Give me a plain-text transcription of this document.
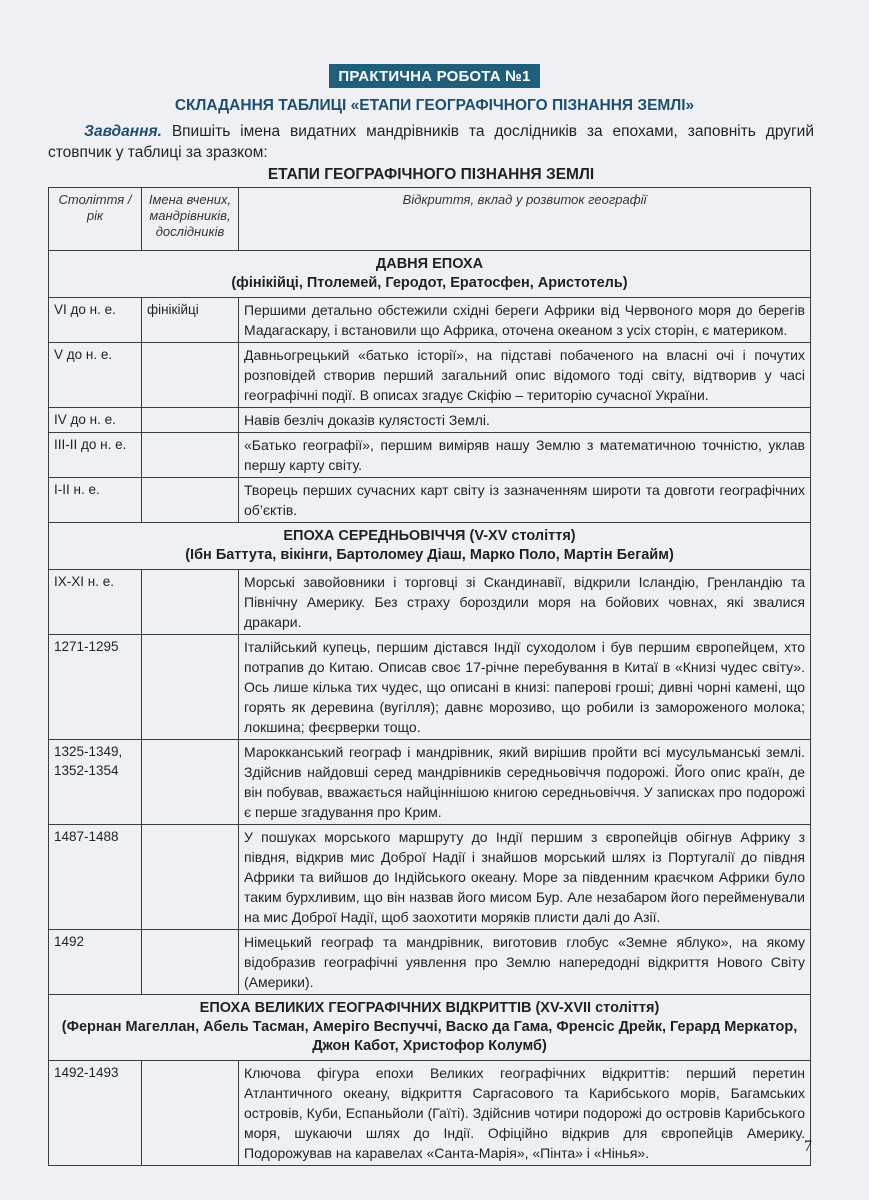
ПРАКТИЧНА РОБОТА №1
СКЛАДАННЯ ТАБЛИЦІ «ЕТАПИ ГЕОГРАФІЧНОГО ПІЗНАННЯ ЗЕМЛІ»
Завдання. Впишіть імена видатних мандрівників та дослідників за епохами, заповніть другий стовпчик у таблиці за зразком:
ЕТАПИ ГЕОГРАФІЧНОГО ПІЗНАННЯ ЗЕМЛІ
Століття / рік	Імена вчених, мандрівників, дослідників	Відкриття, вклад у розвиток географії

ДАВНЯ ЕПОХА
(фінікійці, Птолемей, Геродот, Ератосфен, Аристотель)		

VI до н. е.	фінікійці	Першими детально обстежили східні береги Африки від Червоного моря до берегів Мадагаскару, і встановили що Африка, оточена океаном з усіх сторін, є материком.
V до н. е.		Давньогрецький «батько історії», на підставі побаченого на власні очі і почутих розповідей створив перший загальний опис відомого тоді світу, відтворив у часі географічні події. В описах згадує Скіфію – територію сучасної України.
IV до н. е.		Навів безліч доказів кулястості Землі.
III-II до н. е.		«Батько географії», першим виміряв нашу Землю з математичною точністю, уклав першу карту світу.
I-II н. е.		Творець перших сучасних карт світу із зазначенням широти та довготи географічних об’єктів.

ЕПОХА СЕРЕДНЬОВІЧЧЯ (V-XV століття)
(Ібн Баттута, вікінги, Бартоломеу Діаш, Марко Поло, Мартін Бегайм)		

IX-XI н. е.		Морські завойовники і торговці зі Скандинавії, відкрили Ісландію, Гренландію та Північну Америку. Без страху бороздили моря на бойових човнах, які звалися дракари.
1271-1295		Італійський купець, першим дістався Індії суходолом і був першим європейцем, хто потрапив до Китаю. Описав своє 17-річне перебування в Китаї в «Книзі чудес світу». Ось лише кілька тих чудес, що описані в книзі: паперові гроші; дивні чорні камені, що горять як деревина (вугілля); давнє морозиво, що робили із замороженого молока; локшина; феєрверки тощо.
1325-1349, 1352-1354		Марокканський географ і мандрівник, який вирішив пройти всі мусульманські землі. Здійснив найдовші серед мандрівників середньовіччя подорожі. Його опис країн, де він побував, вважається найціннішою книгою середньовіччя. У записках про подорожі є перше згадування про Крим.
1487-1488		У пошуках морського маршруту до Індії першим з європейців обігнув Африку з півдня, відкрив мис Доброї Надії і знайшов морський шлях із Португалії до півдня Африки та вийшов до Індійського океану. Море за південним краєчком Африки було таким бурхливим, що він назвав його мисом Бур. Але незабаром його перейменували на мис Доброї Надії, щоб заохотити моряків плисти далі до Азії.
1492		Німецький географ та мандрівник, виготовив глобус «Земне яблуко», на якому відобразив географічні уявлення про Землю напередодні відкриття Нового Світу (Америки).

ЕПОХА ВЕЛИКИХ ГЕОГРАФІЧНИХ ВІДКРИТТІВ (XV-XVII століття)
(Фернан Магеллан, Абель Тасман, Амеріго Веспуччі, Васко да Гама, Френсіс Дрейк, Герард Меркатор, Джон Кабот, Христофор Колумб)		

1492-1493		Ключова фігура епохи Великих географічних відкриттів: перший перетин Атлантичного океану, відкриття Саргасового та Карибського морів, Багамських островів, Куби, Еспаньйоли (Гаїті). Здійснив чотири подорожі до островів Карибського моря, шукаючи шлях до Індії. Офіційно відкрив для європейців Америку. Подорожував на каравелах «Санта-Марія», «Пінта» і «Нінья».	7
